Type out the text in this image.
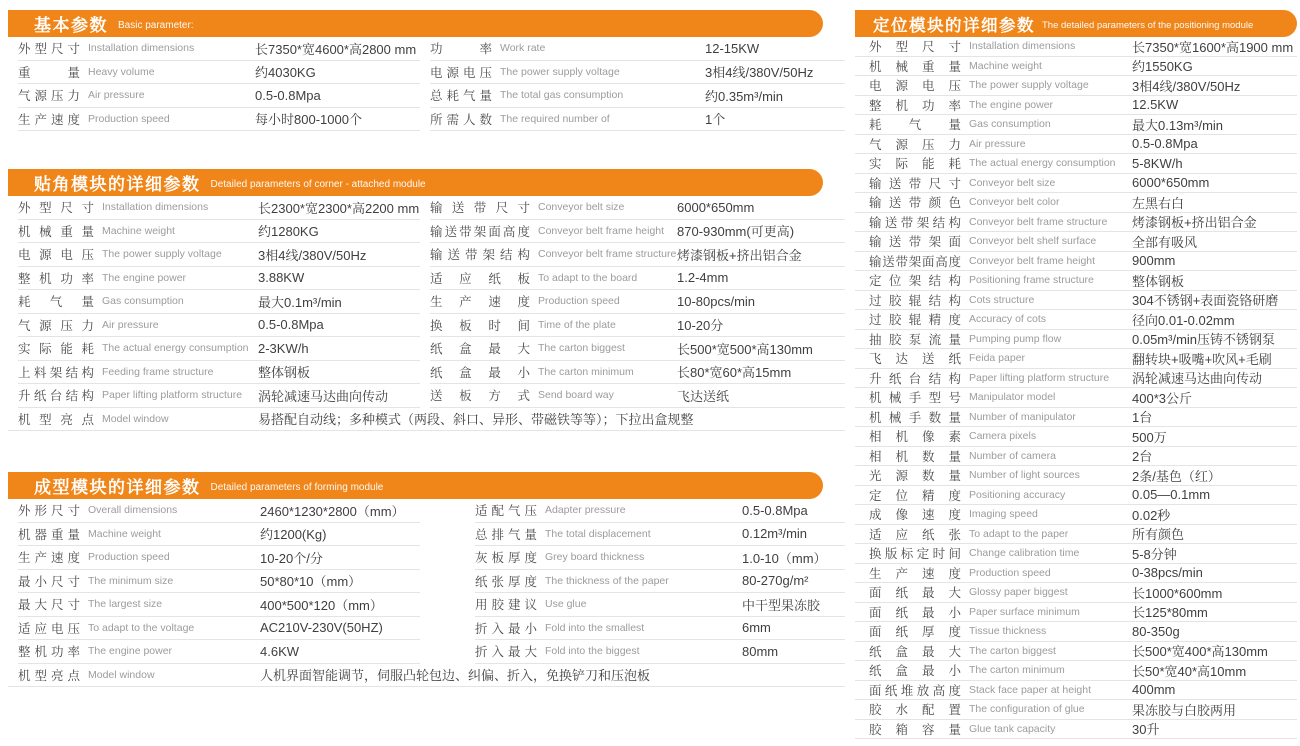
基本参数 Basic parameter:
外型尺寸 Installation dimensions	长7350*宽4600*高2800 mm
重量 Heavy volume	约4030KG
气源压力 Air pressure	0.5-0.8Mpa
生产速度 Production speed	每小时800-1000个
功率 Work rate	12-15KW
电源电压 The power supply voltage	3相4线/380V/50Hz
总耗气量 The total gas consumption	约0.35m³/min
所需人数 The required number of	1个
贴角模块的详细参数 Detailed parameters of corner - attached module
外型尺寸 Installation dimensions	长2300*宽2300*高2200 mm
机械重量 Machine weight	约1280KG
电源电压 The power supply voltage	3相4线/380V/50Hz
整机功率 The engine power	3.88KW
耗气量 Gas consumption	最大0.1m³/min
气源压力 Air pressure	0.5-0.8Mpa
实际能耗 The actual energy consumption 2-3KW/h
上料架结构 Feeding frame structure	整体钢板
升纸台结构 Paper lifting platform structure	涡轮减速马达曲向传动
输送带尺寸 Conveyor belt size	6000*650mm
输送带架面高度 Conveyor belt frame height 870-930mm(可更高)
输送带架结构 Conveyor belt frame structure 烤漆钢板+挤出铝合金
适应纸板 To adapt to the board	1.2-4mm
生产速度 Production speed	10-80pcs/min
换板时间 Time of the plate	10-20分
纸盒最大 The carton biggest	长500*宽500*高130mm
纸盒最小 The carton minimum	长80*宽60*高15mm
送板方式 Send board way	飞达送纸
机型亮点 Model window	易搭配自动线；多种模式（两段、斜口、异形、带磁铁等等）；下拉出盒规整
成型模块的详细参数 Detailed parameters of forming module
外形尺寸 Overall dimensions	2460*1230*2800（mm）
机器重量 Machine weight	约1200(Kg)
生产速度 Production speed	10-20个/分
最小尺寸 The minimum size	50*80*10（mm）
最大尺寸 The largest size	400*500*120（mm）
适应电压 To adapt to the voltage	AC210V-230V(50HZ)
整机功率 The engine power	4.6KW
适配气压 Adapter pressure	0.5-0.8Mpa
总排气量 The total displacement	0.12m³/min
灰板厚度 Grey board thickness	1.0-10（mm）
纸张厚度 The thickness of the paper	80-270g/m²
用胶建议 Use glue	中干型果冻胶
折入最小 Fold into the smallest	6mm
折入最大 Fold into the biggest	80mm
机型亮点 Model window	人机界面智能调节，伺服凸轮包边、纠偏、折入，免换铲刀和压泡板
定位模块的详细参数 The detailed parameters of the positioning module
外型尺寸 Installation dimensions	长7350*宽1600*高1900 mm
机械重量 Machine weight	约1550KG
电源电压 The power supply voltage	3相4线/380V/50Hz
整机功率 The engine power	12.5KW
耗气量 Gas consumption	最大0.13m³/min
气源压力 Air pressure	0.5-0.8Mpa
实际能耗 The actual energy consumption	5-8KW/h
输送带尺寸 Conveyor belt size	6000*650mm
输送带颜色 Conveyor belt color	左黑右白
输送带架结构 Conveyor belt frame structure	烤漆钢板+挤出铝合金
输送带架面 Conveyor belt shelf surface	全部有吸风
输送带架面高度 Conveyor belt frame height	900mm
定位架结构 Positioning frame structure	整体钢板
过胶辊结构 Cots structure	304不锈钢+表面瓷铬研磨
过胶辊精度 Accuracy of cots	径向0.01-0.02mm
抽胶泵流量 Pumping pump flow	0.05m³/min压铸不锈钢泵
飞达送纸 Feida paper	翻转块+吸嘴+吹风+毛刷
升纸台结构 Paper lifting platform structure	涡轮减速马达曲向传动
机械手型号 Manipulator model	400*3公斤
机械手数量 Number of manipulator	1台
相机像素 Camera pixels	500万
相机数量 Number of camera	2台
光源数量 Number of light sources	2条/基色（红）
定位精度 Positioning accuracy	0.05—0.1mm
成像速度 Imaging speed	0.02秒
适应纸张 To adapt to the paper	所有颜色
换版标定时间 Change calibration time	5-8分钟
生产速度 Production speed	0-38pcs/min
面纸最大 Glossy paper biggest	长1000*600mm
面纸最小 Paper surface minimum	长125*80mm
面纸厚度 Tissue thickness	80-350g
纸盒最大 The carton biggest	长500*宽400*高130mm
纸盒最小 The carton minimum	长50*宽40*高10mm
面纸堆放高度 Stack face paper at height	400mm
胶水配置 The configuration of glue	果冻胶与白胶两用
胶箱容量 Glue tank capacity	30升
